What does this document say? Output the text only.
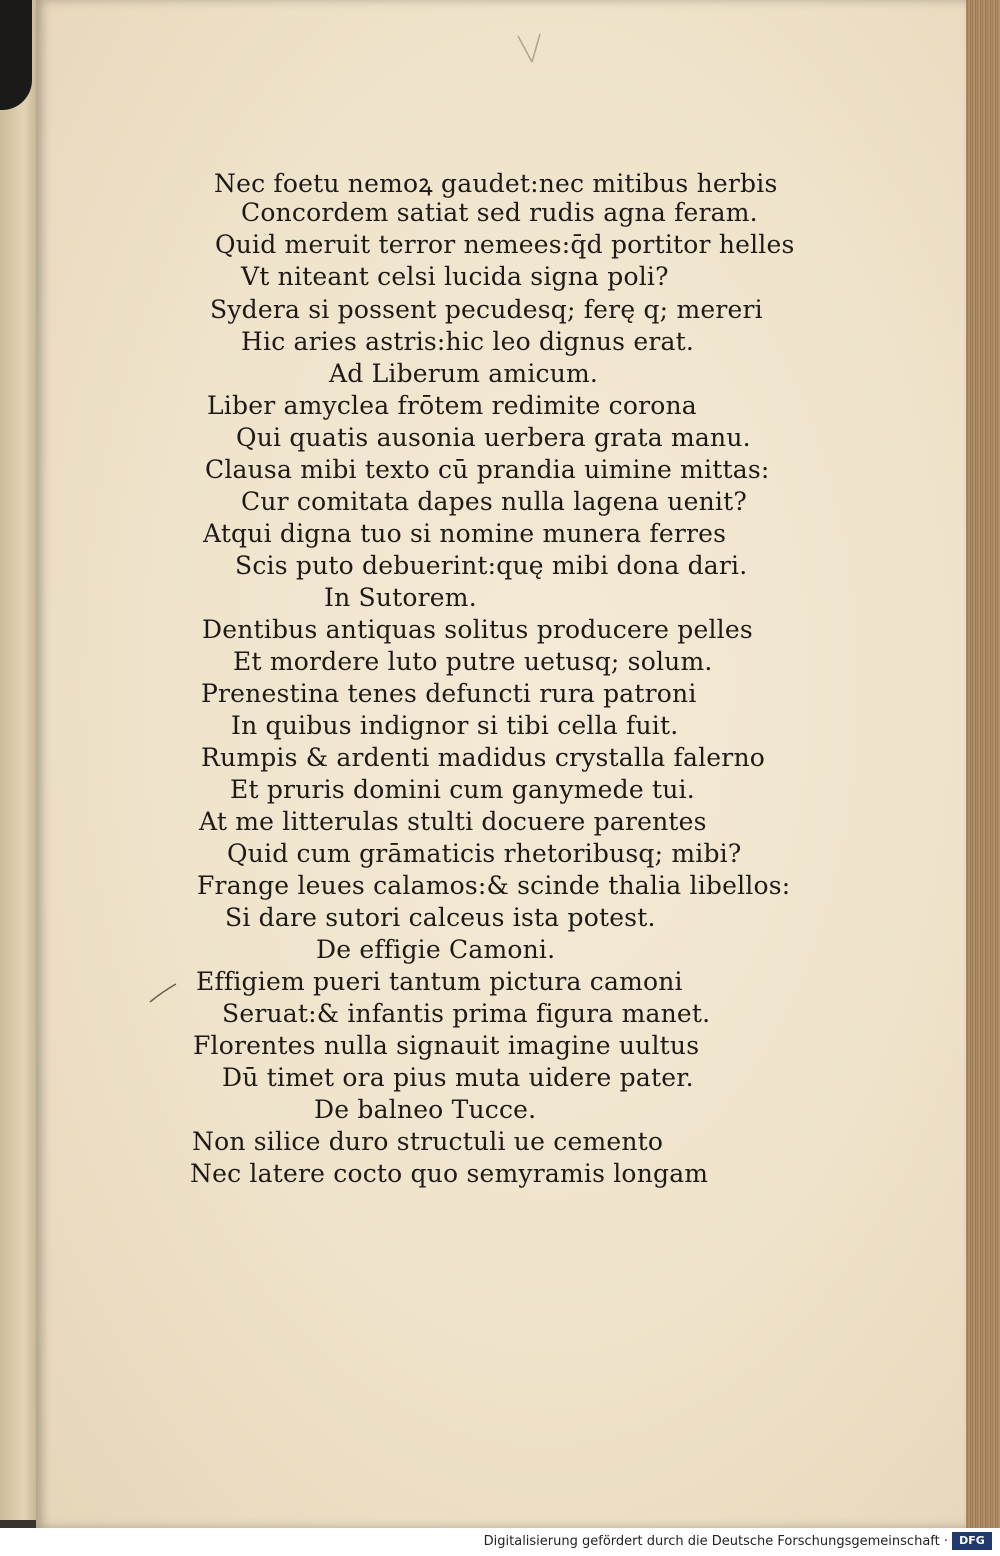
Nec foetu nemoꝝ gaudet:nec mitibus herbis
Concordem satiat sed rudis agna feram.
Quid meruit terror nemees:q̄d portitor helles
Vt niteant celsi lucida signa poli?
Sydera si possent pecudesq; ferę q; mereri
Hic aries astris:hic leo dignus erat.
Ad Liberum amicum.
Liber amyclea frōtem redimite corona
Qui quatis ausonia uerbera grata manu.
Clausa mibi texto cū prandia uimine mittas:
Cur comitata dapes nulla lagena uenit?
Atqui digna tuo si nomine munera ferres
Scis puto debuerint:quę mibi dona dari.
In Sutorem.
Dentibus antiquas solitus producere pelles
Et mordere luto putre uetusq; solum.
Prenestina tenes defuncti rura patroni
In quibus indignor si tibi cella fuit.
Rumpis & ardenti madidus crystalla falerno
Et pruris domini cum ganymede tui.
At me litterulas stulti docuere parentes
Quid cum grāmaticis rhetoribusq; mibi?
Frange leues calamos:& scinde thalia libellos:
Si dare sutori calceus ista potest.
De effigie Camoni.
Effigiem pueri tantum pictura camoni
Seruat:& infantis prima figura manet.
Florentes nulla signauit imagine uultus
Dū timet ora pius muta uidere pater.
De balneo Tucce.
Non silice duro structuli ue cemento
Nec latere cocto quo semyramis longam
Digitalisierung gefördert durch die Deutsche Forschungsgemeinschaft ·	DFG
